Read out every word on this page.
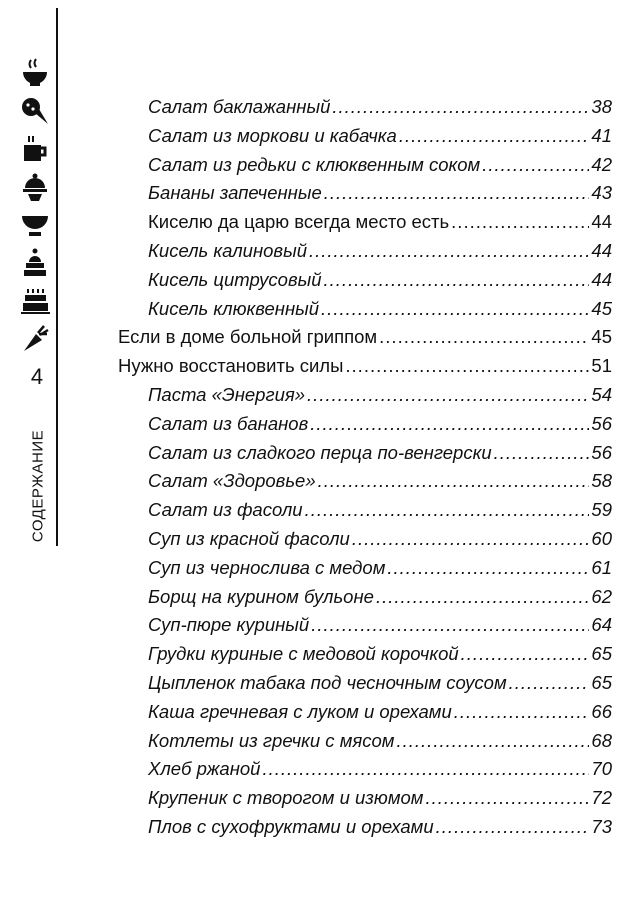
4
СОДЕРЖАНИЕ
Салат баклажанный .....	38
Салат из моркови и кабачка .....	41
Салат из редьки с клюквенным соком .....	42
Бананы запеченные .....	43
Киселю да царю всегда место есть .....	44
Кисель калиновый .....	44
Кисель цитрусовый .....	44
Кисель клюквенный .....	45
Если в доме больной гриппом .....	45
Нужно восстановить силы .....	51
Паста «Энергия» .....	54
Салат из бананов .....	56
Салат из сладкого перца по-венгерски .....	56
Салат «Здоровье» .....	58
Салат из фасоли .....	59
Суп из красной фасоли .....	60
Суп из чернослива с медом .....	61
Борщ на курином бульоне .....	62
Суп-пюре куриный .....	64
Грудки куриные с медовой корочкой .....	65
Цыпленок табака под чесночным соусом .....	65
Каша гречневая с луком и орехами .....	66
Котлеты из гречки с мясом .....	68
Хлеб ржаной .....	70
Крупеник с творогом и изюмом .....	72
Плов с сухофруктами и орехами .....	73
